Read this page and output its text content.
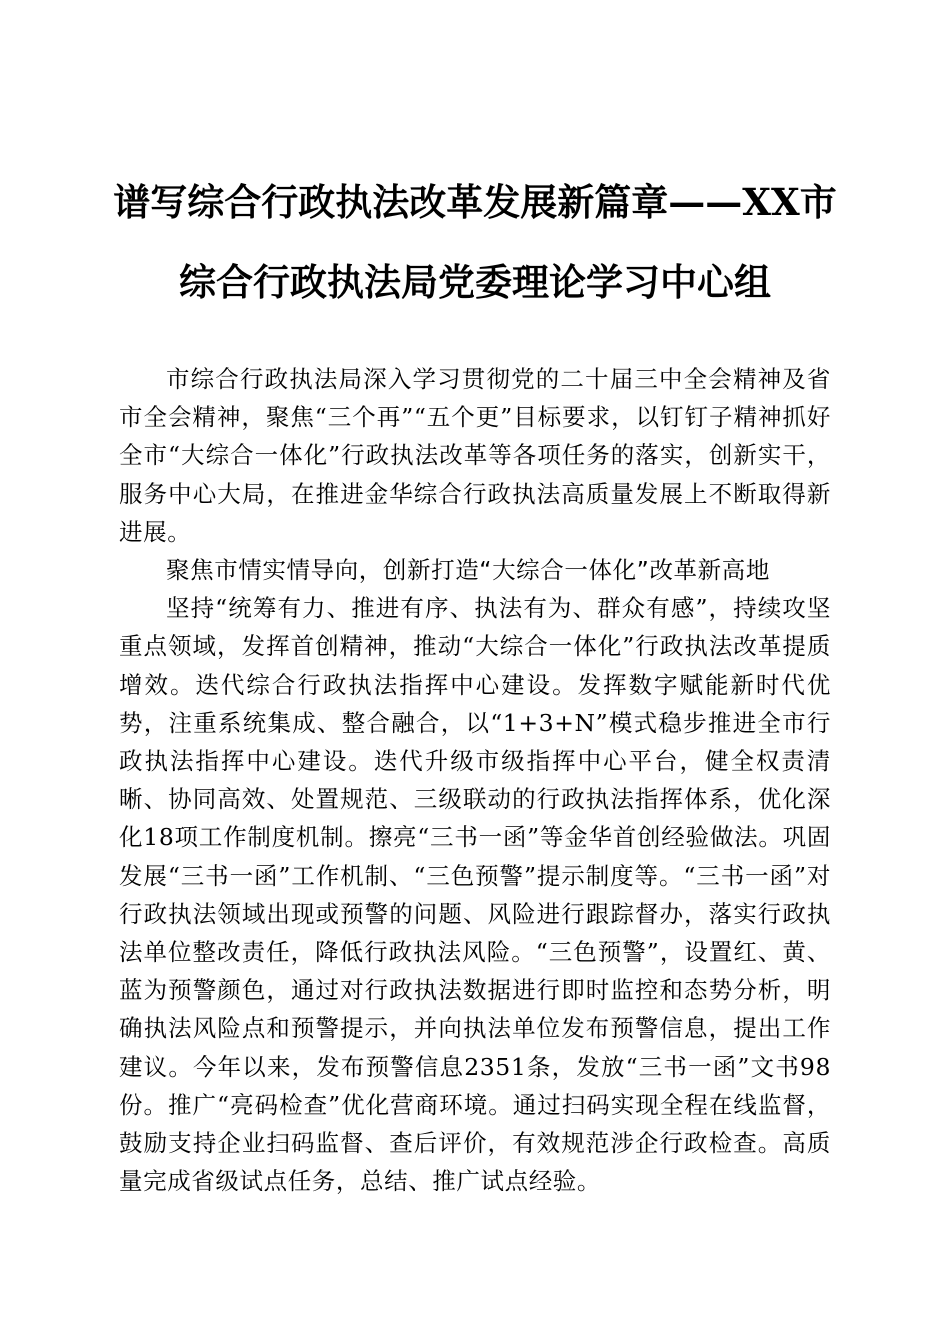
谱写综合行政执法改革发展新篇章——XX市
综合行政执法局党委理论学习中心组

市综合行政执法局深入学习贯彻党的二十届三中全会精神及省市全会精神，聚焦“三个再”“五个更”目标要求，以钉钉子精神抓好全市“大综合一体化”行政执法改革等各项任务的落实，创新实干，服务中心大局，在推进金华综合行政执法高质量发展上不断取得新进展。

聚焦市情实情导向，创新打造“大综合一体化”改革新高地

坚持“统筹有力、推进有序、执法有为、群众有感”，持续攻坚重点领域，发挥首创精神，推动“大综合一体化”行政执法改革提质增效。迭代综合行政执法指挥中心建设。发挥数字赋能新时代优势，注重系统集成、整合融合，以“1+3+N”模式稳步推进全市行政执法指挥中心建设。迭代升级市级指挥中心平台，健全权责清晰、协同高效、处置规范、三级联动的行政执法指挥体系，优化深化18项工作制度机制。擦亮“三书一函”等金华首创经验做法。巩固发展“三书一函”工作机制、“三色预警”提示制度等。“三书一函”对行政执法领域出现或预警的问题、风险进行跟踪督办，落实行政执法单位整改责任，降低行政执法风险。“三色预警”，设置红、黄、蓝为预警颜色，通过对行政执法数据进行即时监控和态势分析，明确执法风险点和预警提示，并向执法单位发布预警信息，提出工作建议。今年以来，发布预警信息2351条，发放“三书一函”文书98份。推广“亮码检查”优化营商环境。通过扫码实现全程在线监督，鼓励支持企业扫码监督、查后评价，有效规范涉企行政检查。高质量完成省级试点任务，总结、推广试点经验。
